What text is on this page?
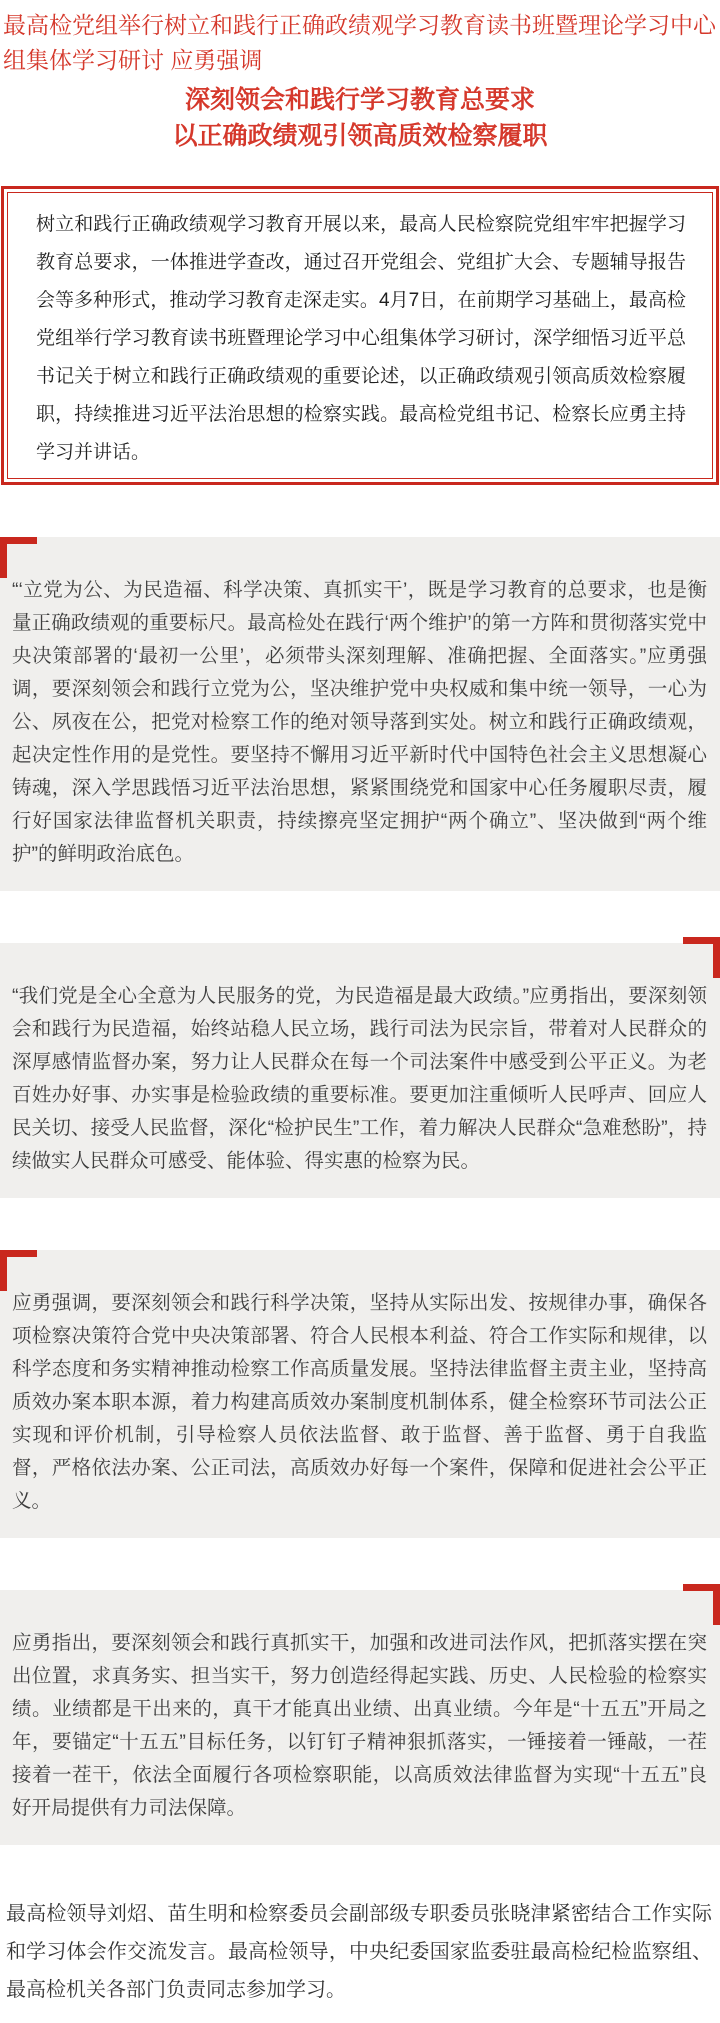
最高检党组举行树立和践行正确政绩观学习教育读书班暨理论学习中心组集体学习研讨 应勇强调
深刻领会和践行学习教育总要求
以正确政绩观引领高质效检察履职

树立和践行正确政绩观学习教育开展以来，最高人民检察院党组牢牢把握学习教育总要求，一体推进学查改，通过召开党组会、党组扩大会、专题辅导报告会等多种形式，推动学习教育走深走实。4月7日，在前期学习基础上，最高检党组举行学习教育读书班暨理论学习中心组集体学习研讨，深学细悟习近平总书记关于树立和践行正确政绩观的重要论述，以正确政绩观引领高质效检察履职，持续推进习近平法治思想的检察实践。最高检党组书记、检察长应勇主持学习并讲话。

“‘立党为公、为民造福、科学决策、真抓实干’，既是学习教育的总要求，也是衡量正确政绩观的重要标尺。最高检处在践行‘两个维护’的第一方阵和贯彻落实党中央决策部署的‘最初一公里’，必须带头深刻理解、准确把握、全面落实。”应勇强调，要深刻领会和践行立党为公，坚决维护党中央权威和集中统一领导，一心为公、夙夜在公，把党对检察工作的绝对领导落到实处。树立和践行正确政绩观，起决定性作用的是党性。要坚持不懈用习近平新时代中国特色社会主义思想凝心铸魂，深入学思践悟习近平法治思想，紧紧围绕党和国家中心任务履职尽责，履行好国家法律监督机关职责，持续擦亮坚定拥护“两个确立”、坚决做到“两个维护”的鲜明政治底色。

“我们党是全心全意为人民服务的党，为民造福是最大政绩。”应勇指出，要深刻领会和践行为民造福，始终站稳人民立场，践行司法为民宗旨，带着对人民群众的深厚感情监督办案，努力让人民群众在每一个司法案件中感受到公平正义。为老百姓办好事、办实事是检验政绩的重要标准。要更加注重倾听人民呼声、回应人民关切、接受人民监督，深化“检护民生”工作，着力解决人民群众“急难愁盼”，持续做实人民群众可感受、能体验、得实惠的检察为民。

应勇强调，要深刻领会和践行科学决策，坚持从实际出发、按规律办事，确保各项检察决策符合党中央决策部署、符合人民根本利益、符合工作实际和规律，以科学态度和务实精神推动检察工作高质量发展。坚持法律监督主责主业，坚持高质效办案本职本源，着力构建高质效办案制度机制体系，健全检察环节司法公正实现和评价机制，引导检察人员依法监督、敢于监督、善于监督、勇于自我监督，严格依法办案、公正司法，高质效办好每一个案件，保障和促进社会公平正义。

应勇指出，要深刻领会和践行真抓实干，加强和改进司法作风，把抓落实摆在突出位置，求真务实、担当实干，努力创造经得起实践、历史、人民检验的检察实绩。业绩都是干出来的，真干才能真出业绩、出真业绩。今年是“十五五”开局之年，要锚定“十五五”目标任务，以钉钉子精神狠抓落实，一锤接着一锤敲，一茬接着一茬干，依法全面履行各项检察职能，以高质效法律监督为实现“十五五”良好开局提供有力司法保障。

最高检领导刘炤、苗生明和检察委员会副部级专职委员张晓津紧密结合工作实际和学习体会作交流发言。最高检领导，中央纪委国家监委驻最高检纪检监察组、最高检机关各部门负责同志参加学习。
